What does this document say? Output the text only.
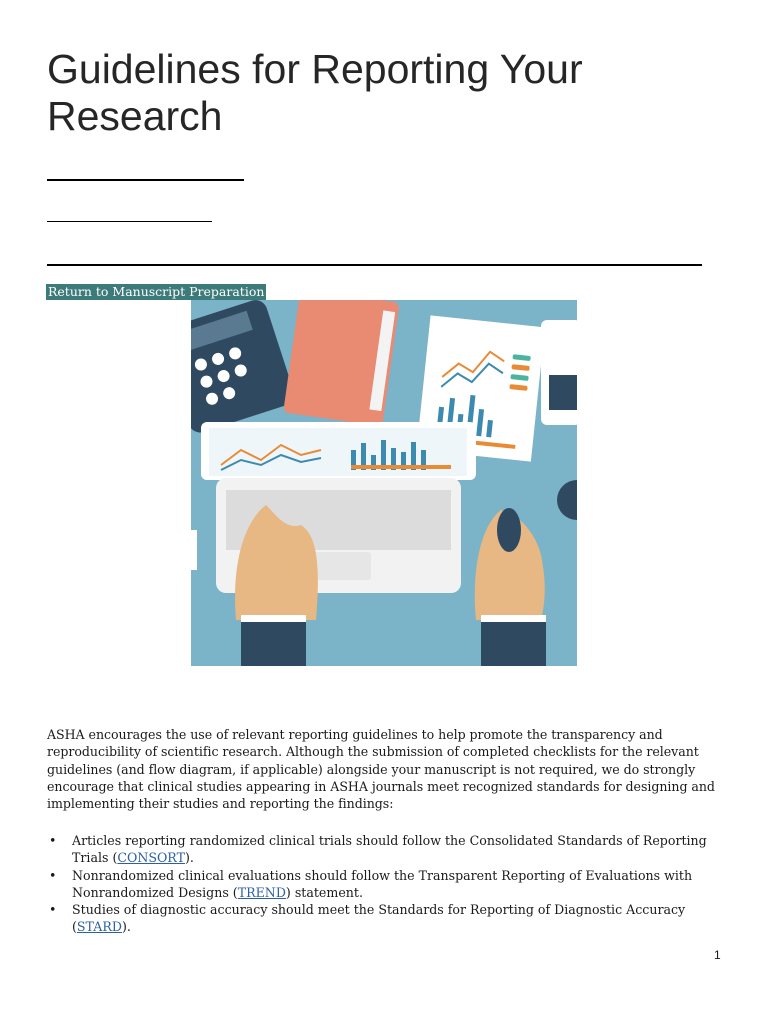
Guidelines for Reporting Your Research
Return to Manuscript Preparation

ASHA encourages the use of relevant reporting guidelines to help promote the transparency and reproducibility of scientific research. Although the submission of completed checklists for the relevant guidelines (and flow diagram, if applicable) alongside your manuscript is not required, we do strongly encourage that clinical studies appearing in ASHA journals meet recognized standards for designing and implementing their studies and reporting the findings:

• Articles reporting randomized clinical trials should follow the Consolidated Standards of Reporting Trials (CONSORT).
• Nonrandomized clinical evaluations should follow the Transparent Reporting of Evaluations with Nonrandomized Designs (TREND) statement.
• Studies of diagnostic accuracy should meet the Standards for Reporting of Diagnostic Accuracy (STARD).
1
